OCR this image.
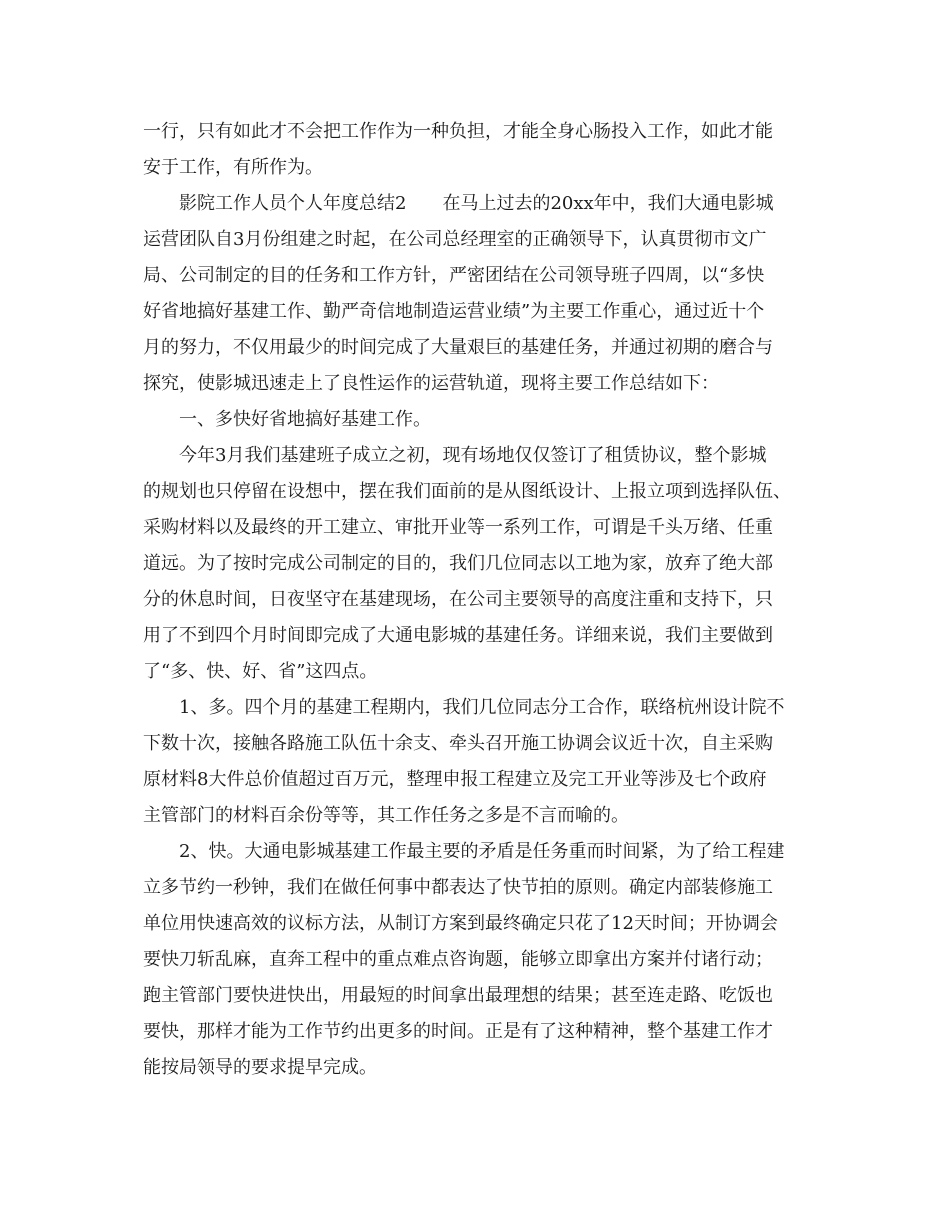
一行，只有如此才不会把工作作为一种负担，才能全身心肠投入工作，如此才能
安于工作，有所作为。
影院工作人员个人年度总结2　　在马上过去的20xx年中，我们大通电影城
运营团队自3月份组建之时起，在公司总经理室的正确领导下，认真贯彻市文广
局、公司制定的目的任务和工作方针，严密团结在公司领导班子四周，以“多快
好省地搞好基建工作、勤严奇信地制造运营业绩”为主要工作重心，通过近十个
月的努力，不仅用最少的时间完成了大量艰巨的基建任务，并通过初期的磨合与
探究，使影城迅速走上了良性运作的运营轨道，现将主要工作总结如下：
一、多快好省地搞好基建工作。
今年3月我们基建班子成立之初，现有场地仅仅签订了租赁协议，整个影城
的规划也只停留在设想中，摆在我们面前的是从图纸设计、上报立项到选择队伍、
采购材料以及最终的开工建立、审批开业等一系列工作，可谓是千头万绪、任重
道远。为了按时完成公司制定的目的，我们几位同志以工地为家，放弃了绝大部
分的休息时间，日夜坚守在基建现场，在公司主要领导的高度注重和支持下，只
用了不到四个月时间即完成了大通电影城的基建任务。详细来说，我们主要做到
了“多、快、好、省”这四点。
1、多。四个月的基建工程期内，我们几位同志分工合作，联络杭州设计院不
下数十次，接触各路施工队伍十余支、牵头召开施工协调会议近十次，自主采购
原材料8大件总价值超过百万元，整理申报工程建立及完工开业等涉及七个政府
主管部门的材料百余份等等，其工作任务之多是不言而喻的。
2、快。大通电影城基建工作最主要的矛盾是任务重而时间紧，为了给工程建
立多节约一秒钟，我们在做任何事中都表达了快节拍的原则。确定内部装修施工
单位用快速高效的议标方法，从制订方案到最终确定只花了12天时间；开协调会
要快刀斩乱麻，直奔工程中的重点难点咨询题，能够立即拿出方案并付诸行动；
跑主管部门要快进快出，用最短的时间拿出最理想的结果；甚至连走路、吃饭也
要快，那样才能为工作节约出更多的时间。正是有了这种精神，整个基建工作才
能按局领导的要求提早完成。
